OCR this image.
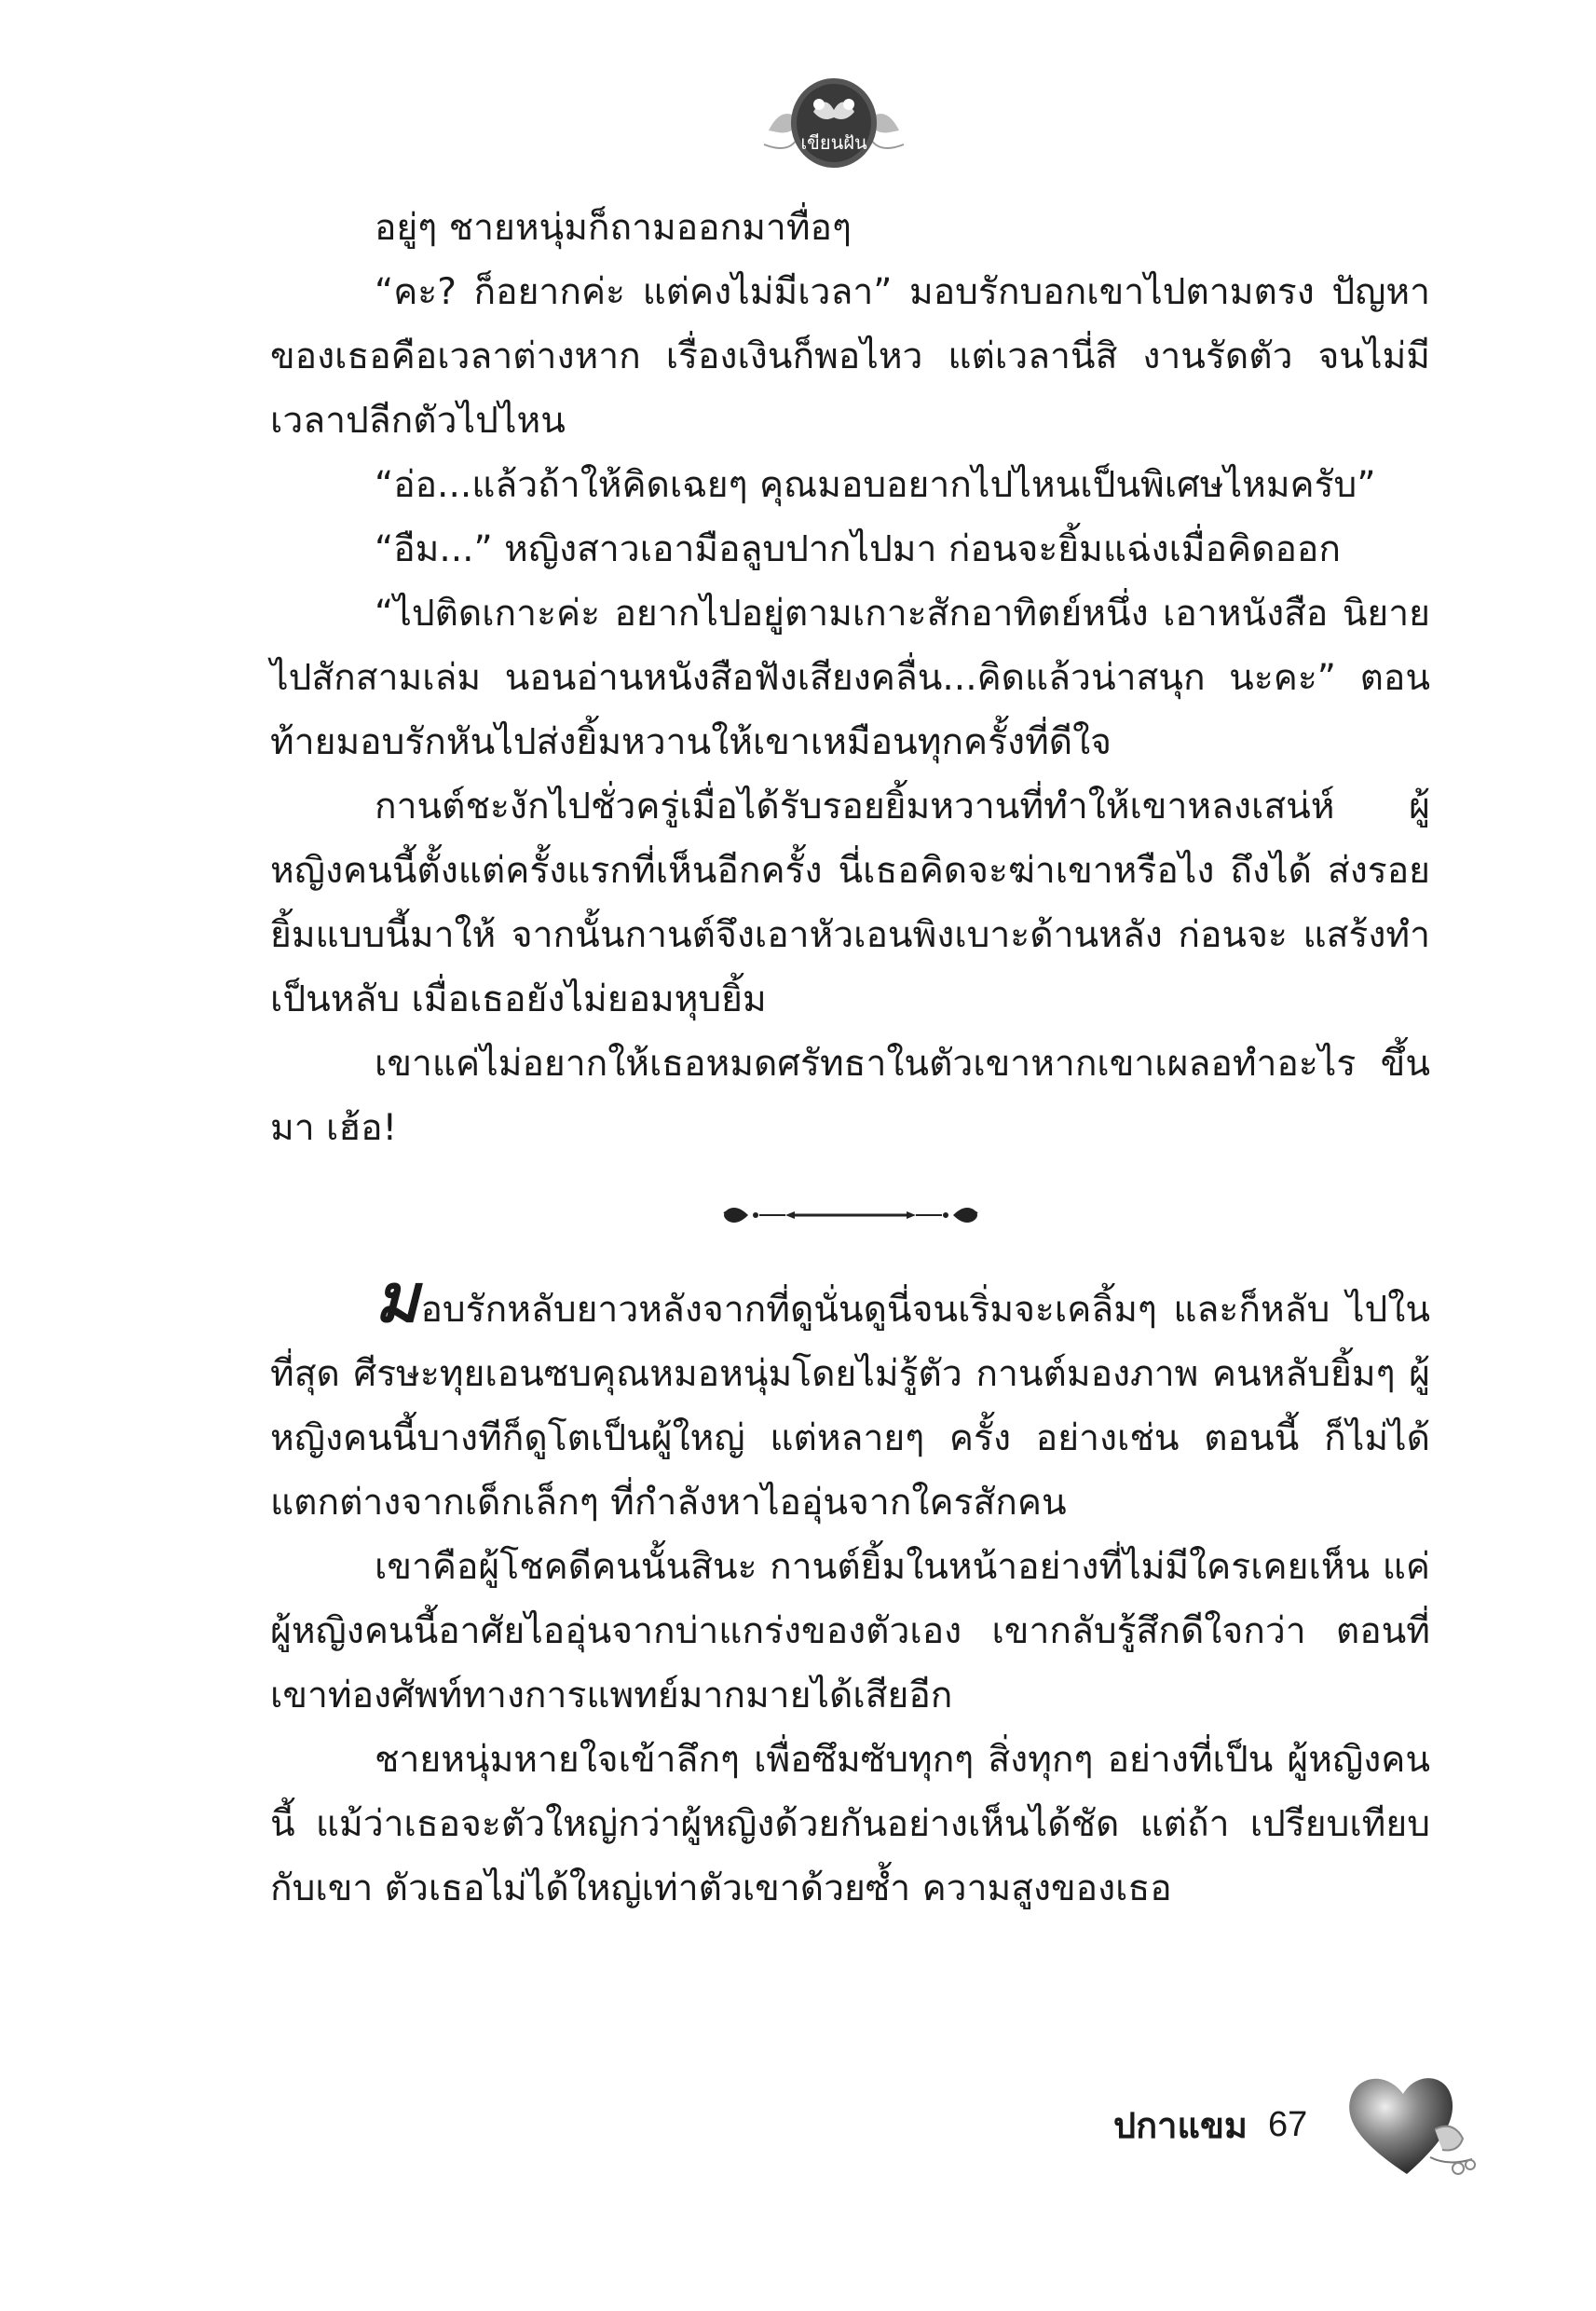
เขียนฝัน

อยู่ๆ ชายหนุ่มก็ถามออกมาทื่อๆ

“คะ? ก็อยากค่ะ แต่คงไม่มีเวลา” มอบรักบอกเขาไปตามตรง ปัญหาของเธอคือเวลาต่างหาก เรื่องเงินก็พอไหว แต่เวลานี่สิ งานรัดตัว จนไม่มีเวลาปลีกตัวไปไหน

“อ่อ...แล้วถ้าให้คิดเฉยๆ คุณมอบอยากไปไหนเป็นพิเศษไหมครับ”

“อืม...” หญิงสาวเอามือลูบปากไปมา ก่อนจะยิ้มแฉ่งเมื่อคิดออก

“ไปติดเกาะค่ะ อยากไปอยู่ตามเกาะสักอาทิตย์หนึ่ง เอาหนังสือ นิยายไปสักสามเล่ม นอนอ่านหนังสือฟังเสียงคลื่น...คิดแล้วน่าสนุก นะคะ” ตอนท้ายมอบรักหันไปส่งยิ้มหวานให้เขาเหมือนทุกครั้งที่ดีใจ

กานต์ชะงักไปชั่วครู่เมื่อได้รับรอยยิ้มหวานที่ทำให้เขาหลงเสน่ห์ ผู้หญิงคนนี้ตั้งแต่ครั้งแรกที่เห็นอีกครั้ง นี่เธอคิดจะฆ่าเขาหรือไง ถึงได้ ส่งรอยยิ้มแบบนี้มาให้ จากนั้นกานต์จึงเอาหัวเอนพิงเบาะด้านหลัง ก่อนจะ แสร้งทำเป็นหลับ เมื่อเธอยังไม่ยอมหุบยิ้ม

เขาแค่ไม่อยากให้เธอหมดศรัทธาในตัวเขาหากเขาเผลอทำอะไร ขึ้นมา เฮ้อ!

มอบรักหลับยาวหลังจากที่ดูนั่นดูนี่จนเริ่มจะเคลิ้มๆ และก็หลับ ไปในที่สุด ศีรษะทุยเอนซบคุณหมอหนุ่มโดยไม่รู้ตัว กานต์มองภาพ คนหลับยิ้มๆ ผู้หญิงคนนี้บางทีก็ดูโตเป็นผู้ใหญ่ แต่หลายๆ ครั้ง อย่างเช่น ตอนนี้ ก็ไม่ได้แตกต่างจากเด็กเล็กๆ ที่กำลังหาไออุ่นจากใครสักคน

เขาคือผู้โชคดีคนนั้นสินะ กานต์ยิ้มในหน้าอย่างที่ไม่มีใครเคยเห็น แค่ผู้หญิงคนนี้อาศัยไออุ่นจากบ่าแกร่งของตัวเอง เขากลับรู้สึกดีใจกว่า ตอนที่เขาท่องศัพท์ทางการแพทย์มากมายได้เสียอีก

ชายหนุ่มหายใจเข้าลึกๆ เพื่อซึมซับทุกๆ สิ่งทุกๆ อย่างที่เป็น ผู้หญิงคนนี้ แม้ว่าเธอจะตัวใหญ่กว่าผู้หญิงด้วยกันอย่างเห็นได้ชัด แต่ถ้า เปรียบเทียบกับเขา ตัวเธอไม่ได้ใหญ่เท่าตัวเขาด้วยซ้ำ ความสูงของเธอ

ปกาแขม 67
